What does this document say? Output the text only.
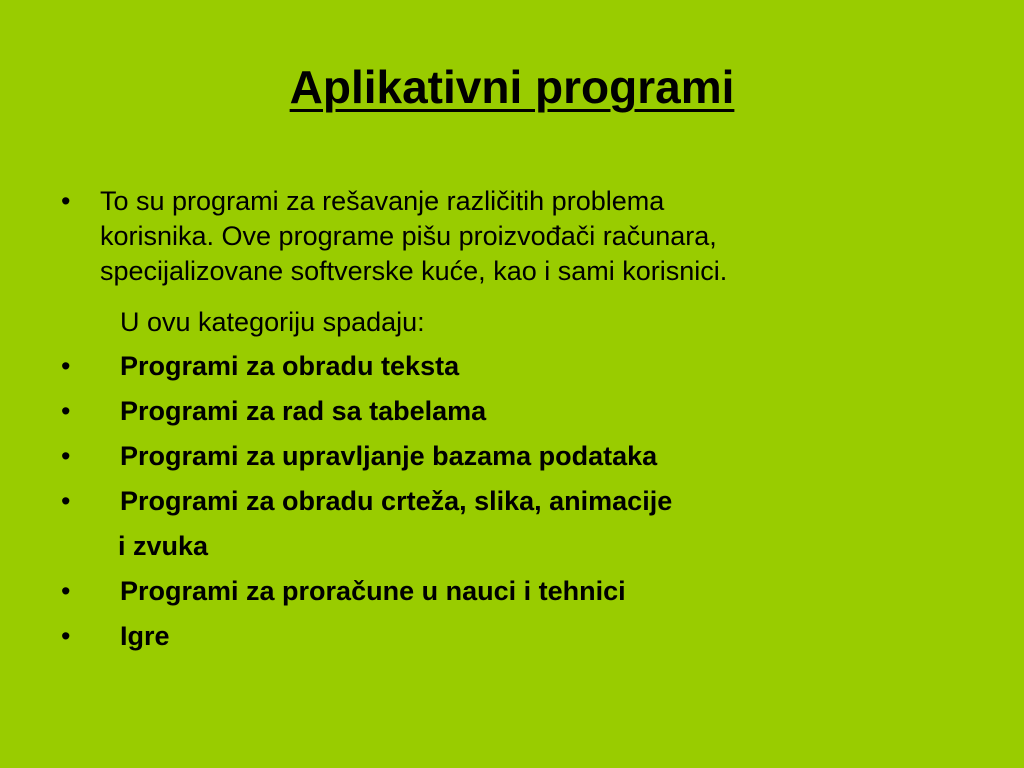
Aplikativni programi
• To su programi za rešavanje različitih problema
korisnika. Ove programe pišu proizvođači računara,
specijalizovane softverske kuće, kao i sami korisnici.
U ovu kategoriju spadaju:
• Programi za obradu teksta
• Programi za rad sa tabelama
• Programi za upravljanje bazama podataka
• Programi za obradu crteža, slika, animacije
i zvuka
• Programi za proračune u nauci i tehnici
• Igre
